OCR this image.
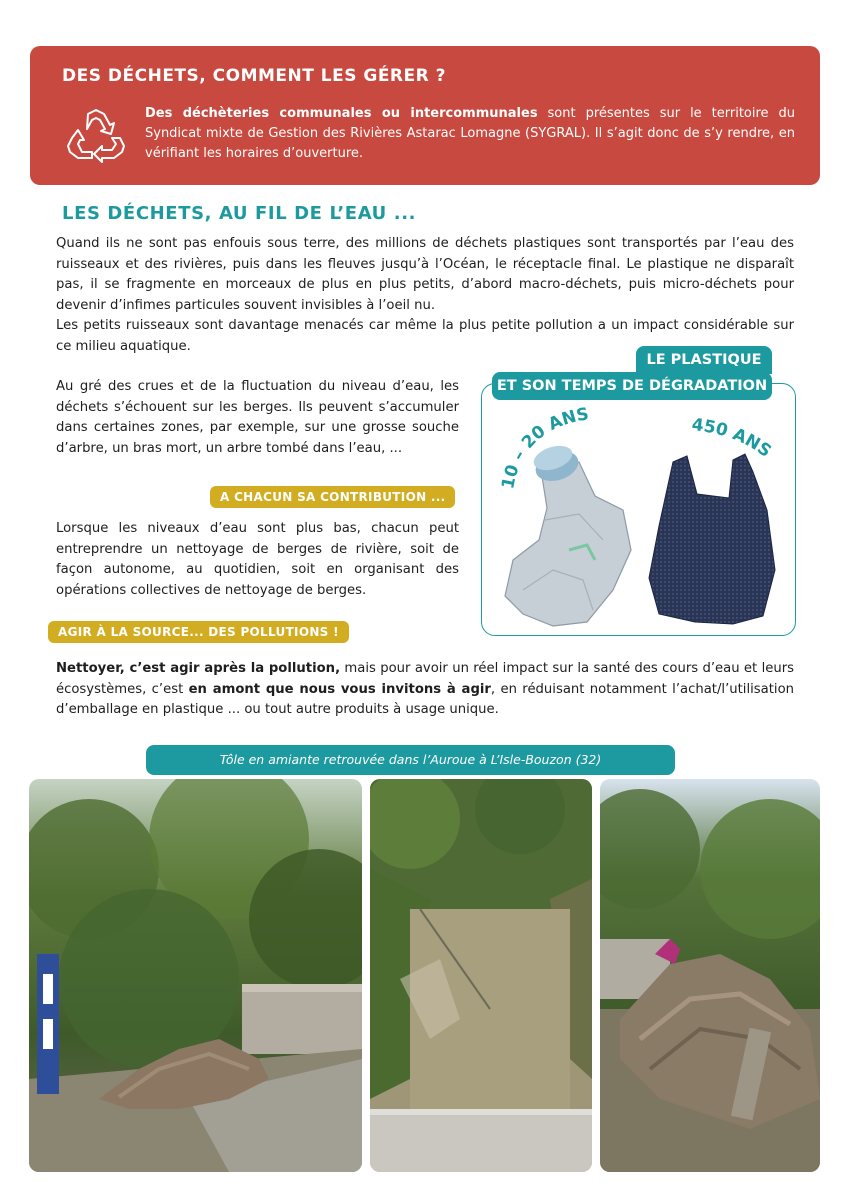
DES DÉCHETS, COMMENT LES GÉRER ?
Des déchèteries communales ou intercommunales sont présentes sur le territoire du Syndicat mixte de Gestion des Rivières Astarac Lomagne (SYGRAL). Il s’agit donc de s’y rendre, en vérifiant les horaires d’ouverture.
LES DÉCHETS, AU FIL DE L’EAU ...
Quand ils ne sont pas enfouis sous terre, des millions de déchets plastiques sont transportés par l’eau des ruisseaux et des rivières, puis dans les fleuves jusqu’à l’Océan, le réceptacle final. Le plastique ne disparaît pas, il se fragmente en morceaux de plus en plus petits, d’abord macro-déchets, puis micro-déchets pour devenir d’infimes particules souvent invisibles à l’oeil nu.
Les petits ruisseaux sont davantage menacés car même la plus petite pollution a un impact considérable sur ce milieu aquatique.
Au gré des crues et de la fluctuation du niveau d’eau, les déchets s’échouent sur les berges. Ils peuvent s’accumuler dans certaines zones, par exemple, sur une grosse souche d’arbre, un bras mort, un arbre tombé dans l’eau, ...
A CHACUN SA CONTRIBUTION ...
Lorsque les niveaux d’eau sont plus bas, chacun peut entreprendre un nettoyage de berges de rivière, soit de façon autonome, au quotidien, soit en organisant des opérations collectives de nettoyage de berges.
AGIR À LA SOURCE... DES POLLUTIONS !
Nettoyer, c’est agir après la pollution, mais pour avoir un réel impact sur la santé des cours d’eau et leurs écosystèmes, c’est en amont que nous vous invitons à agir, en réduisant notamment l’achat/l’utilisation d’emballage en plastique ... ou tout autre produits à usage unique.
LE PLASTIQUE
ET SON TEMPS DE DÉGRADATION
10 – 20 ANS	450 ANS
Tôle en amiante retrouvée dans l’Auroue à L’Isle-Bouzon (32)
